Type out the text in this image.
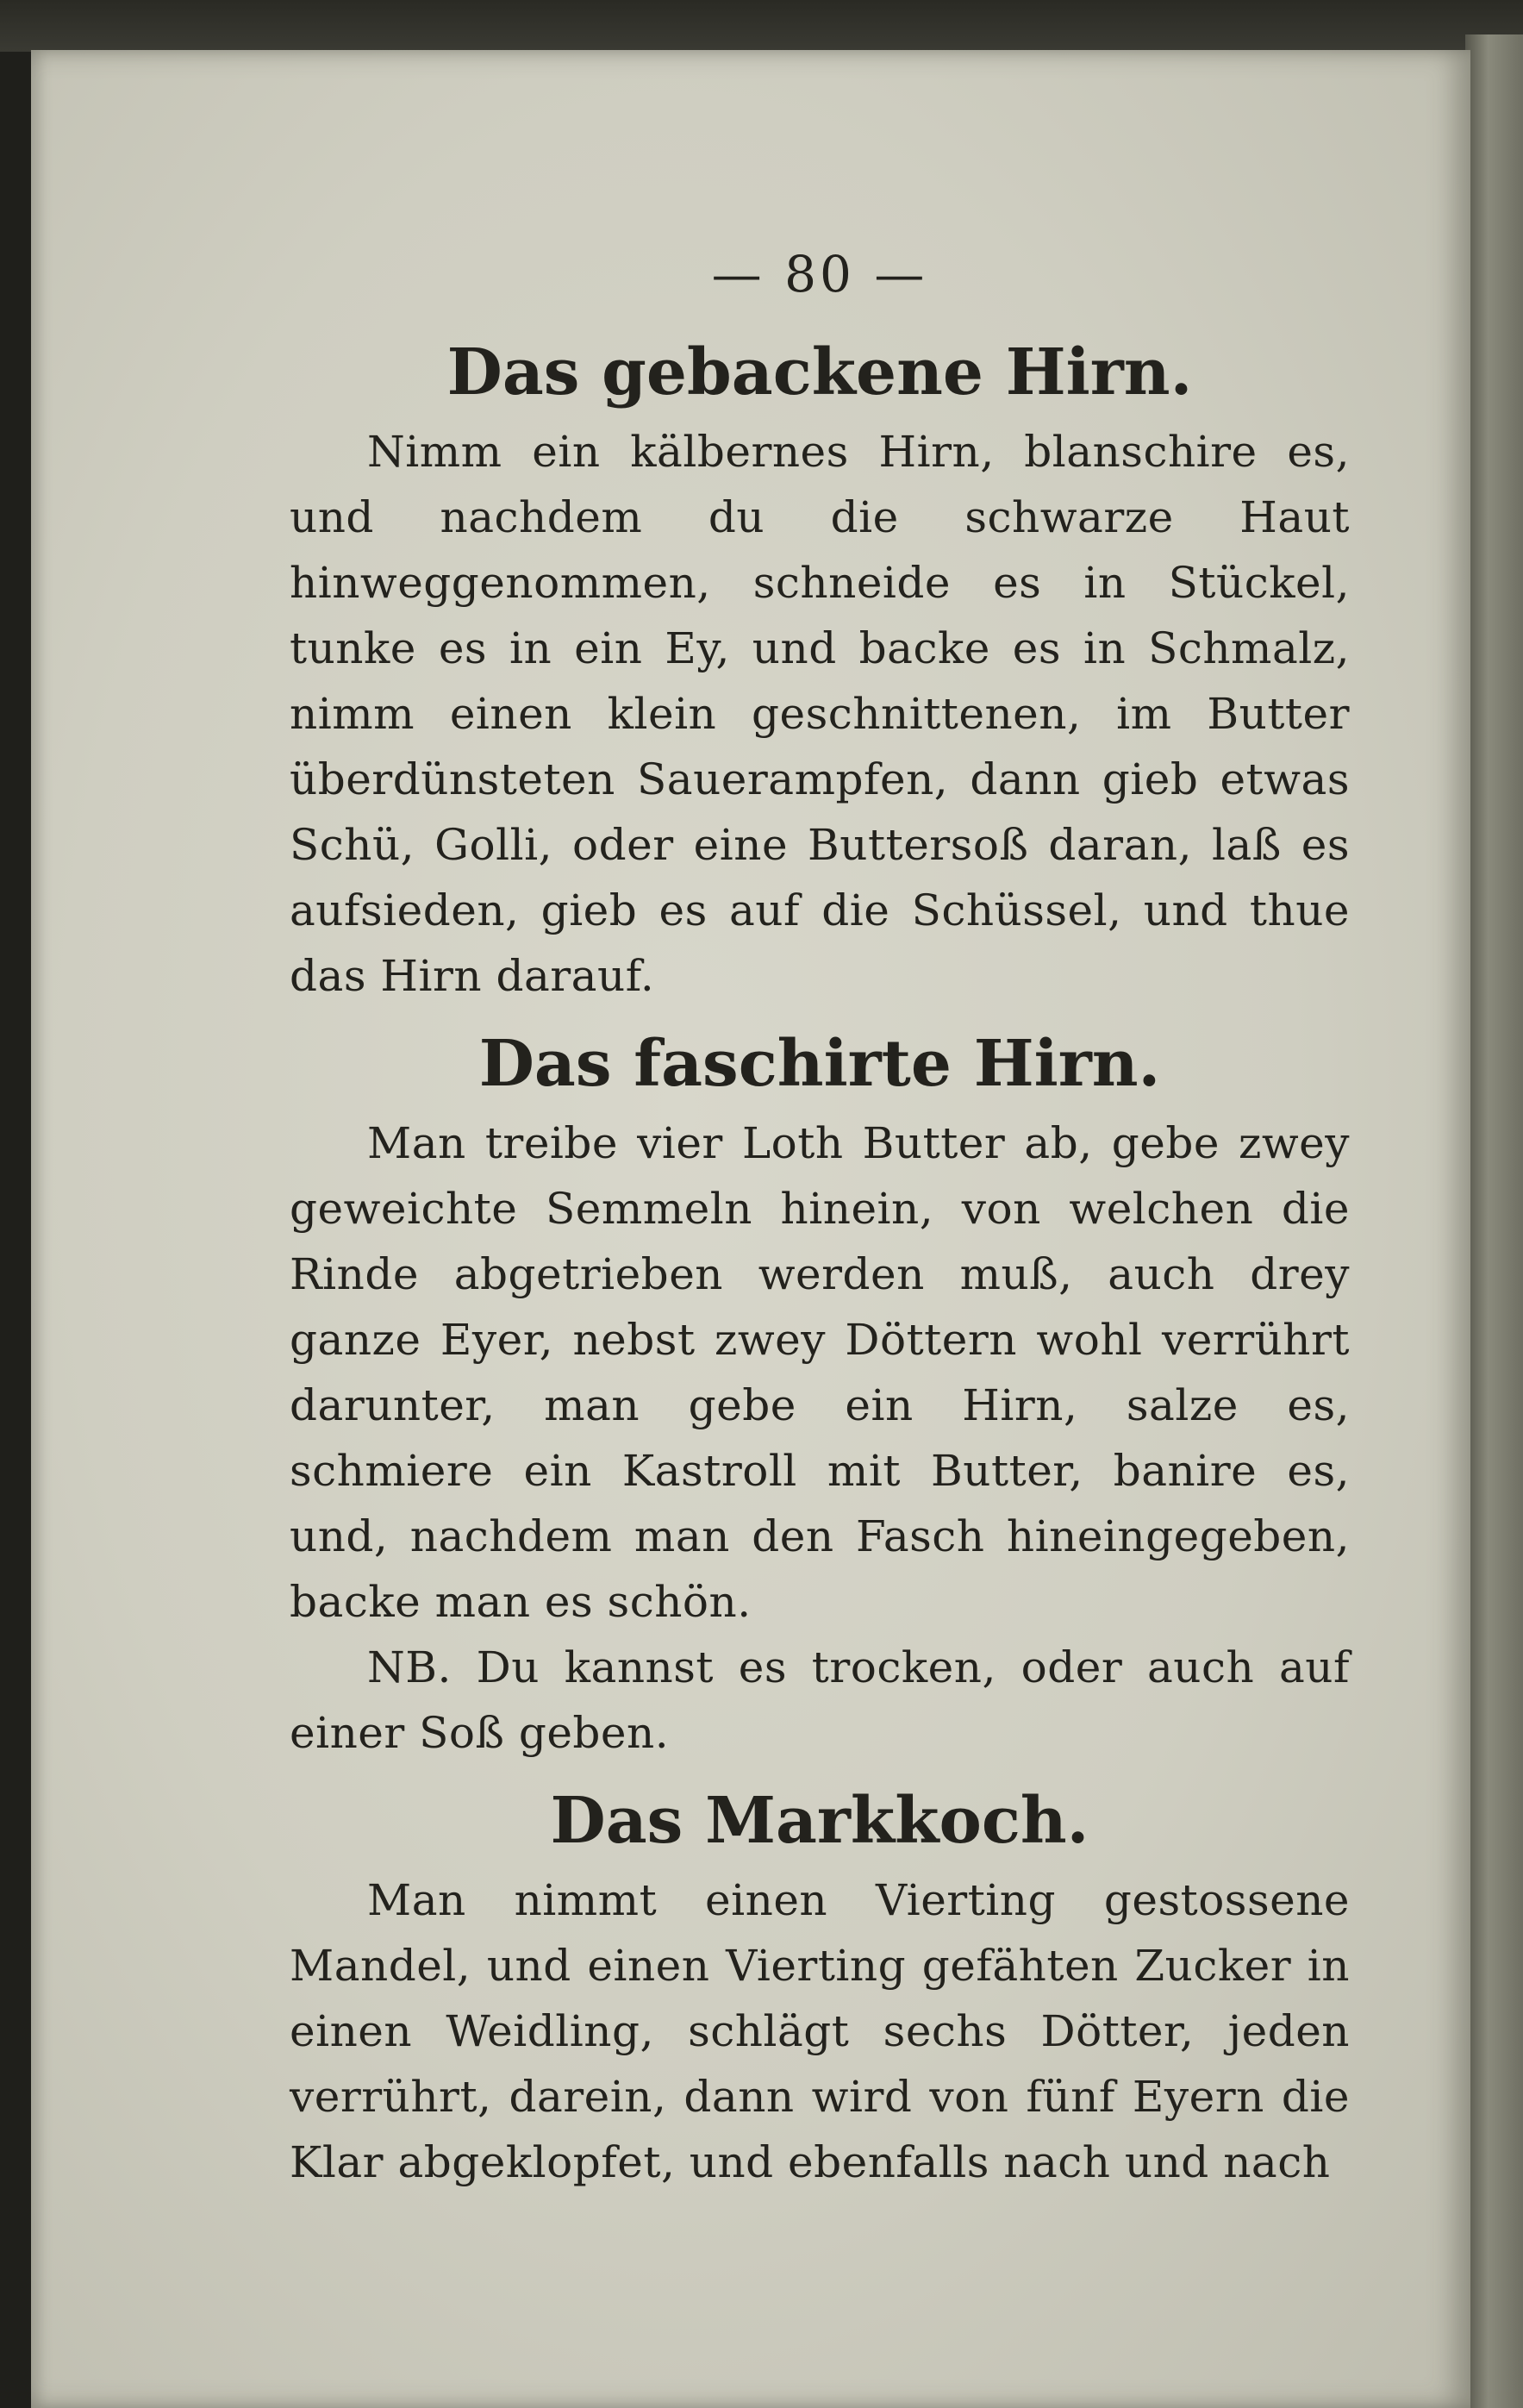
— 80 —
Das gebackene Hirn.

Nimm ein kälbernes Hirn, blanschire es, und nachdem du die schwarze Haut hinweggenommen, schneide es in Stückel, tunke es in ein Ey, und backe es in Schmalz, nimm einen klein geschnittenen, im Butter überdünsteten Sauerampfen, dann gieb etwas Schü, Golli, oder eine Buttersoß daran, laß es aufsieden, gieb es auf die Schüssel, und thue das Hirn darauf.

Das faschirte Hirn.

Man treibe vier Loth Butter ab, gebe zwey geweichte Semmeln hinein, von welchen die Rinde abgetrieben werden muß, auch drey ganze Eyer, nebst zwey Döttern wohl verrührt darunter, man gebe ein Hirn, salze es, schmiere ein Kastroll mit Butter, banire es, und, nachdem man den Fasch hineingegeben, backe man es schön.

NB. Du kannst es trocken, oder auch auf einer Soß geben.

Das Markkoch.

Man nimmt einen Vierting gestossene Mandel, und einen Vierting gefähten Zucker in einen Weidling, schlägt sechs Dötter, jeden verrührt, darein, dann wird von fünf Eyern die Klar abgeklopfet, und ebenfalls nach und nach
